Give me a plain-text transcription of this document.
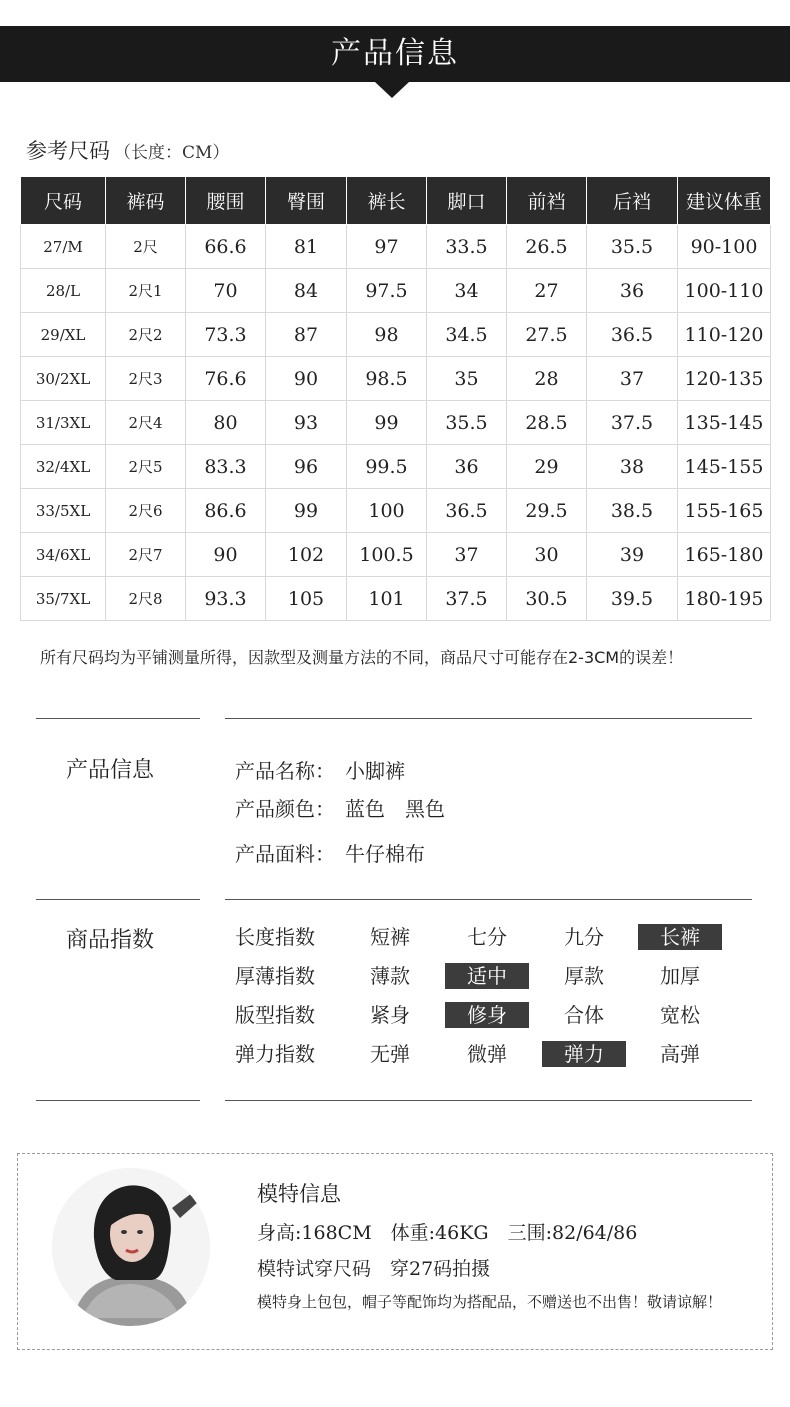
产品信息
参考尺码 （长度：CM）
尺码	裤码	腰围	臀围	裤长	脚口	前裆	后裆	建议体重
27/M	2尺	66.6	81	97	33.5	26.5	35.5	90-100
28/L	2尺1	70	84	97.5	34	27	36	100-110
29/XL	2尺2	73.3	87	98	34.5	27.5	36.5	110-120
30/2XL	2尺3	76.6	90	98.5	35	28	37	120-135
31/3XL	2尺4	80	93	99	35.5	28.5	37.5	135-145
32/4XL	2尺5	83.3	96	99.5	36	29	38	145-155
33/5XL	2尺6	86.6	99	100	36.5	29.5	38.5	155-165
34/6XL	2尺7	90	102	100.5	37	30	39	165-180
35/7XL	2尺8	93.3	105	101	37.5	30.5	39.5	180-195
所有尺码均为平铺测量所得，因款型及测量方法的不同，商品尺寸可能存在2-3CM的误差！
产品信息	产品名称： 小脚裤
产品颜色： 蓝色　黑色
产品面料： 牛仔棉布
商品指数	长度指数	短裤	七分	九分	长裤
厚薄指数	薄款	适中	厚款	加厚
版型指数	紧身	修身	合体	宽松
弹力指数	无弹	微弹	弹力	高弹
模特信息
身高:168CM　体重:46KG　三围:82/64/86
模特试穿尺码　穿27码拍摄
模特身上包包，帽子等配饰均为搭配品，不赠送也不出售！敬请谅解！
